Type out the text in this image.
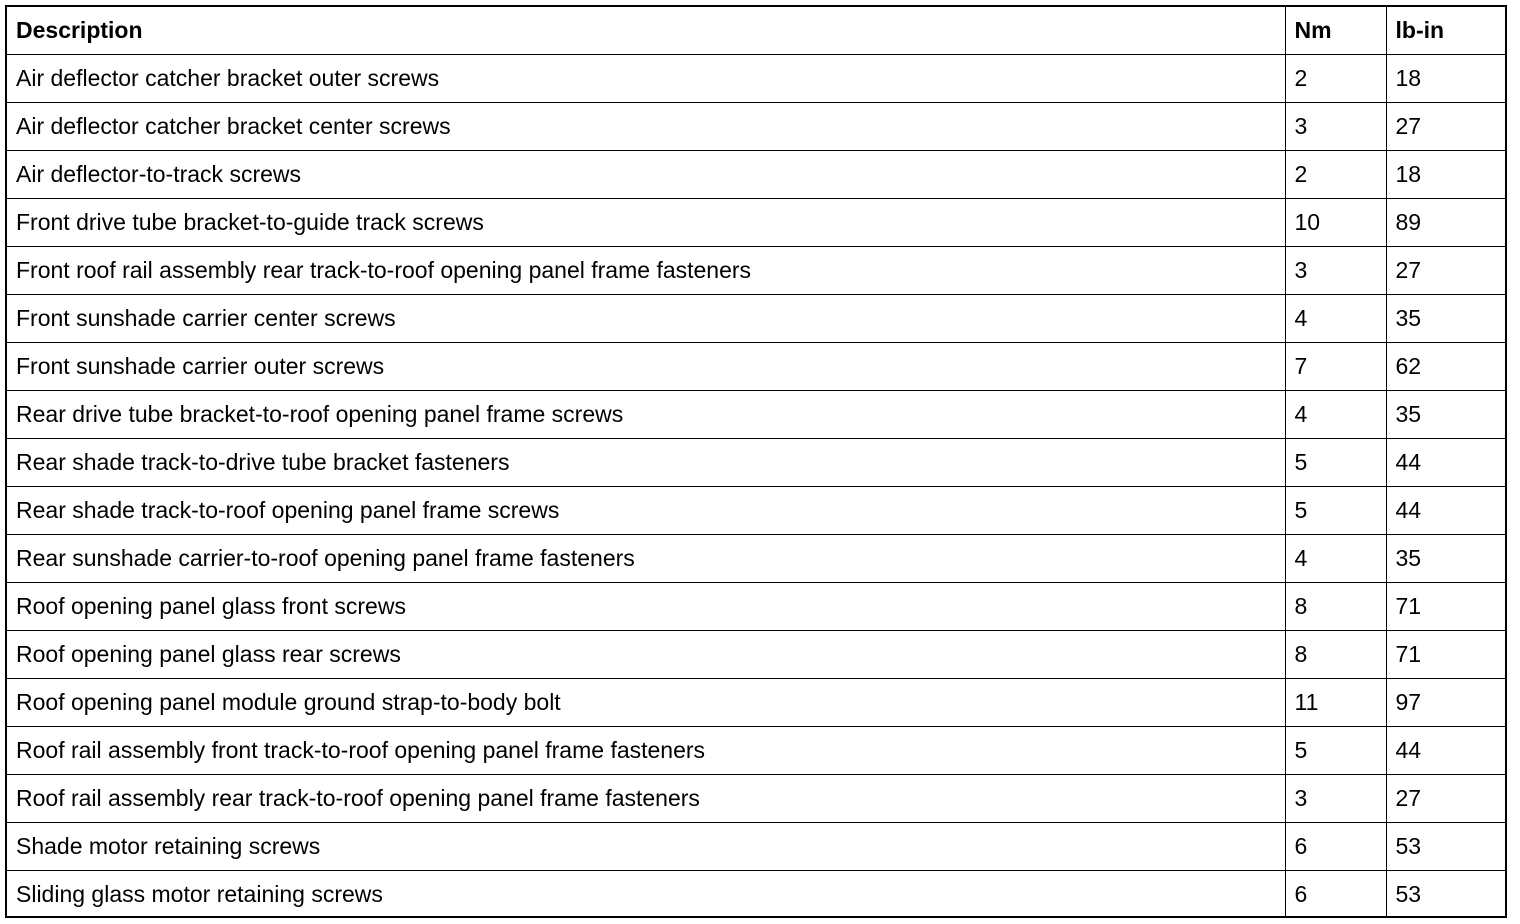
Description	Nm	lb-in
Air deflector catcher bracket outer screws	2	18
Air deflector catcher bracket center screws	3	27
Air deflector-to-track screws	2	18
Front drive tube bracket-to-guide track screws	10	89
Front roof rail assembly rear track-to-roof opening panel frame fasteners	3	27
Front sunshade carrier center screws	4	35
Front sunshade carrier outer screws	7	62
Rear drive tube bracket-to-roof opening panel frame screws	4	35
Rear shade track-to-drive tube bracket fasteners	5	44
Rear shade track-to-roof opening panel frame screws	5	44
Rear sunshade carrier-to-roof opening panel frame fasteners	4	35
Roof opening panel glass front screws	8	71
Roof opening panel glass rear screws	8	71
Roof opening panel module ground strap-to-body bolt	11	97
Roof rail assembly front track-to-roof opening panel frame fasteners	5	44
Roof rail assembly rear track-to-roof opening panel frame fasteners	3	27
Shade motor retaining screws	6	53
Sliding glass motor retaining screws	6	53
